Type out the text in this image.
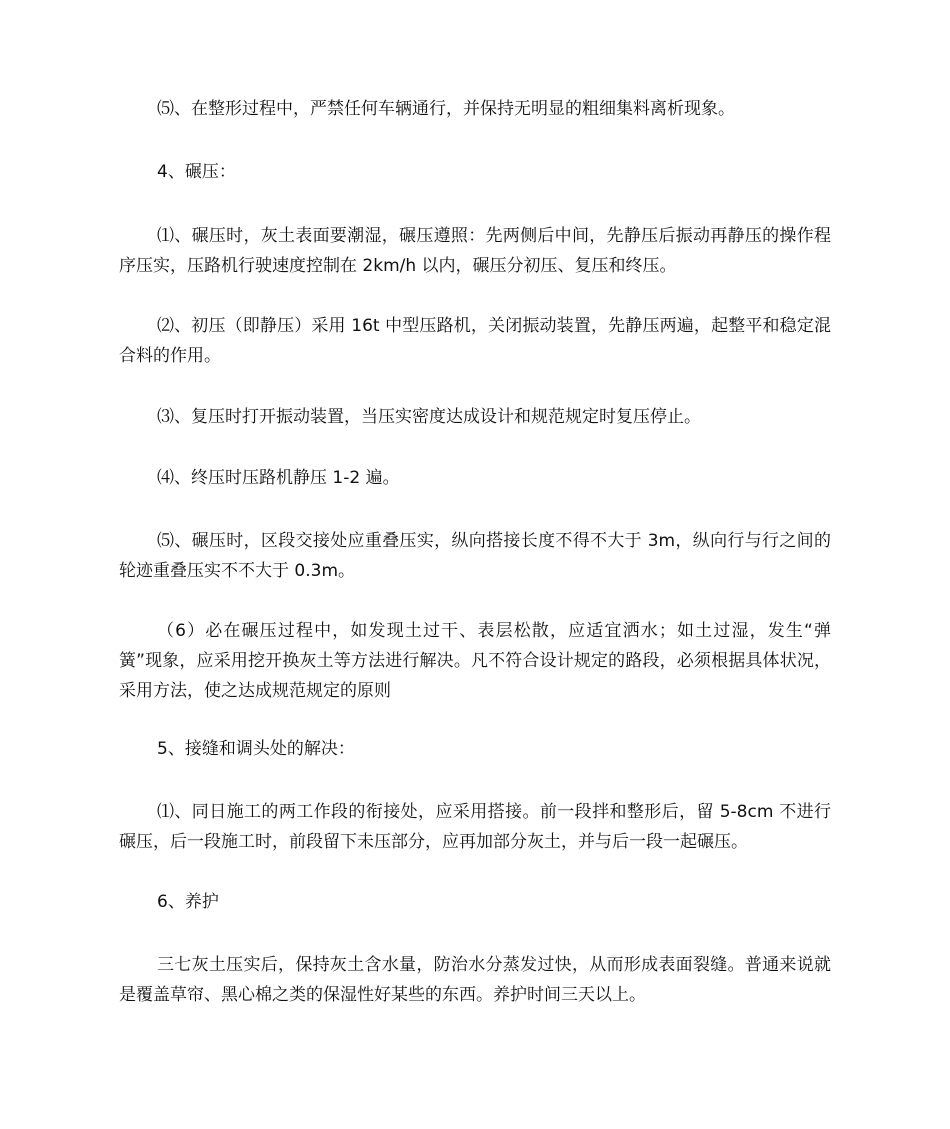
⑸、在整形过程中，严禁任何车辆通行，并保持无明显的粗细集料离析现象。

4、碾压：

⑴、碾压时，灰土表面要潮湿，碾压遵照：先两侧后中间，先静压后振动再静压的操作程序压实，压路机行驶速度控制在 2km/h 以内，碾压分初压、复压和终压。

⑵、初压（即静压）采用 16t 中型压路机，关闭振动装置，先静压两遍，起整平和稳定混合料的作用。

⑶、复压时打开振动装置，当压实密度达成设计和规范规定时复压停止。

⑷、终压时压路机静压 1-2 遍。

⑸、碾压时，区段交接处应重叠压实，纵向搭接长度不得不大于 3m，纵向行与行之间的轮迹重叠压实不不大于 0.3m。

（6）必在碾压过程中，如发现土过干、表层松散，应适宜洒水；如土过湿，发生“弹簧”现象，应采用挖开换灰土等方法进行解决。凡不符合设计规定的路段，必须根据具体状况，采用方法，使之达成规范规定的原则

5、接缝和调头处的解决：

⑴、同日施工的两工作段的衔接处，应采用搭接。前一段拌和整形后，留 5-8cm 不进行碾压，后一段施工时，前段留下未压部分，应再加部分灰土，并与后一段一起碾压。

6、养护

三七灰土压实后，保持灰土含水量，防治水分蒸发过快，从而形成表面裂缝。普通来说就是覆盖草帘、黑心棉之类的保湿性好某些的东西。养护时间三天以上。
